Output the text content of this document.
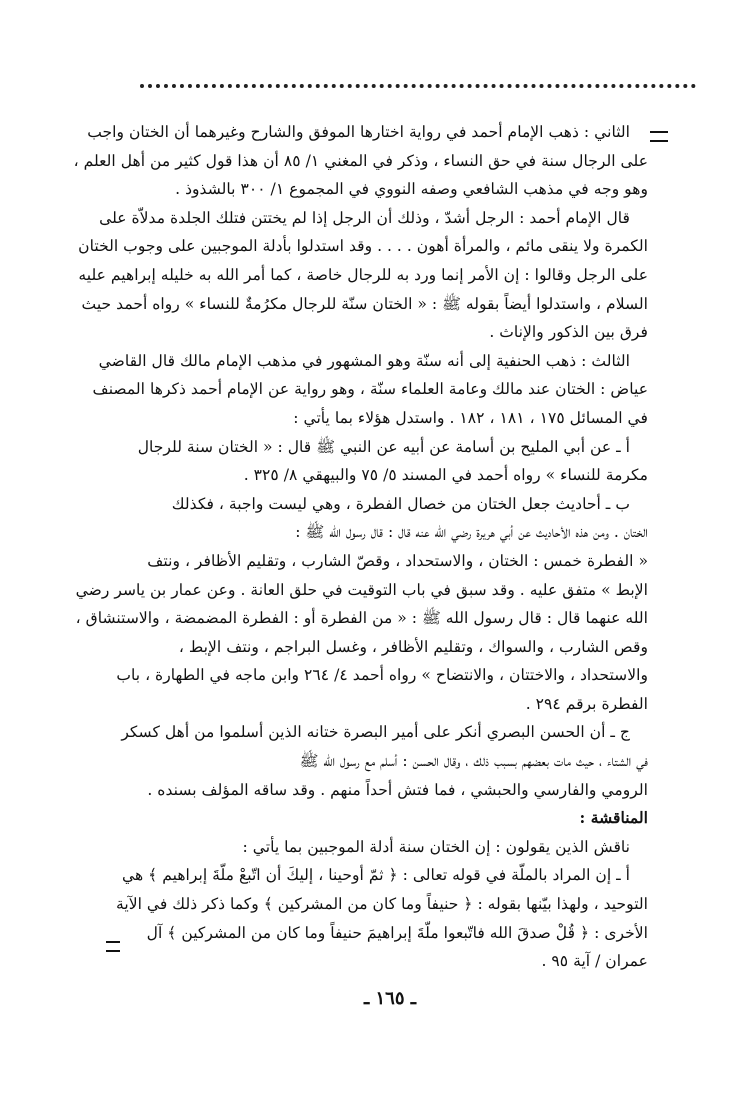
الثاني : ذهب الإمام أحمد في رواية اختارها الموفق والشارح وغيرهما أن الختان واجب
على الرجال سنة في حق النساء ، وذكر في المغني ١/ ٨٥ أن هذا قول كثير من أهل العلم ،
وهو وجه في مذهب الشافعي وصفه النووي في المجموع ١/ ٣٠٠ بالشذوذ .
قال الإمام أحمد : الرجل أشدّ ، وذلك أن الرجل إذا لم يختتن فتلك الجلدة مدلاّة على
الكمرة ولا ينقى مائم ، والمرأة أهون . . . . وقد استدلوا بأدلة الموجبين على وجوب الختان
على الرجل وقالوا : إن الأمر إنما ورد به للرجال خاصة ، كما أمر الله به خليله إبراهيم عليه
السلام ، واستدلوا أيضاً بقوله ﷺ : « الختان سنّة للرجال مكرُمةٌ للنساء » رواه أحمد حيث
فرق بين الذكور والإناث .
الثالث : ذهب الحنفية إلى أنه سنّة وهو المشهور في مذهب الإمام مالك قال القاضي
عياض : الختان عند مالك وعامة العلماء سنّة ، وهو رواية عن الإمام أحمد ذكرها المصنف
في المسائل ١٧٥ ، ١٨١ ، ١٨٢ . واستدل هؤلاء بما يأتي :
أ ـ عن أبي المليح بن أسامة عن أبيه عن النبي ﷺ قال : « الختان سنة للرجال
مكرمة للنساء » رواه أحمد في المسند ٥/ ٧٥ والبيهقي ٨/ ٣٢٥ .
ب ـ أحاديث جعل الختان من خصال الفطرة ، وهي ليست واجبة ، فكذلك
الختان . ومن هذه الأحاديث عن أبي هريرة رضي الله عنه قال : قال رسول الله ﷺ :
« الفطرة خمس : الختان ، والاستحداد ، وقصّ الشارب ، وتقليم الأظافر ، ونتف
الإبط » متفق عليه . وقد سبق في باب التوقيت في حلق العانة . وعن عمار بن ياسر رضي
الله عنهما قال : قال رسول الله ﷺ : « من الفطرة أو : الفطرة المضمضة ، والاستنشاق ،
وقص الشارب ، والسواك ، وتقليم الأظافر ، وغسل البراجم ، ونتف الإبط ،
والاستحداد ، والاختتان ، والانتضاح » رواه أحمد ٤/ ٢٦٤ وابن ماجه في الطهارة ، باب
الفطرة برقم ٢٩٤ .
ج ـ أن الحسن البصري أنكر على أمير البصرة ختانه الذين أسلموا من أهل كسكر
في الشتاء ، حيث مات بعضهم بسبب ذلك ، وقال الحسن : أسلم مع رسول الله ﷺ
الرومي والفارسي والحبشي ، فما فتش أحداً منهم . وقد ساقه المؤلف بسنده .
المناقشة :
ناقش الذين يقولون : إن الختان سنة أدلة الموجبين بما يأتي :
أ ـ إن المراد بالملّة في قوله تعالى : ﴿ ثمّ أوحينا ، إليكَ أن اتّبعْ ملّةَ إبراهيم ﴾ هي
التوحيد ، ولهذا بيّنها بقوله : ﴿ حنيفاً وما كان من المشركين ﴾ وكما ذكر ذلك في الآية
الأخرى : ﴿ قُلْ صدقَ الله فاتّبعوا ملّةَ إبراهيمَ حنيفاً وما كان من المشركين ﴾ آل
عمران / آية ٩٥ .
ـ ١٦٥ ـ
